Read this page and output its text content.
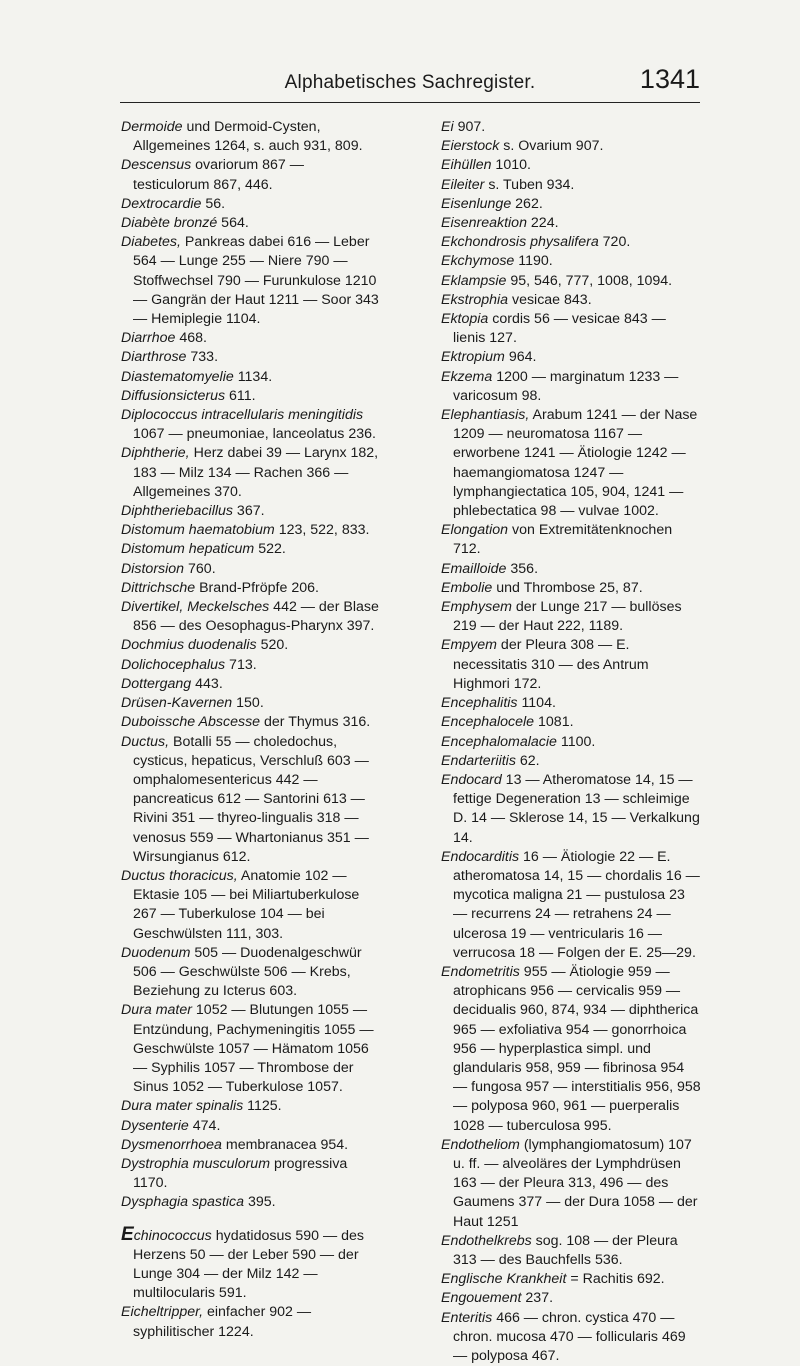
Alphabetisches Sachregister.	1341

Dermoide und Dermoid-Cysten, Allgemeines 1264, s. auch 931, 809.

Descensus ovariorum 867 — testiculorum 867, 446.

Dextrocardie 56.

Diabète bronzé 564.

Diabetes, Pankreas dabei 616 — Leber 564 — Lunge 255 — Niere 790 — Stoffwechsel 790 — Furunkulose 1210 — Gangrän der Haut 1211 — Soor 343 — Hemiplegie 1104.

Diarrhoe 468.

Diarthrose 733.

Diastematomyelie 1134.

Diffusionsicterus 611.

Diplococcus intracellularis meningitidis 1067 — pneumoniae, lanceolatus 236.

Diphtherie, Herz dabei 39 — Larynx 182, 183 — Milz 134 — Rachen 366 — Allgemeines 370.

Diphtheriebacillus 367.

Distomum haematobium 123, 522, 833.

Distomum hepaticum 522.

Distorsion 760.

Dittrichsche Brand-Pfröpfe 206.

Divertikel, Meckelsches 442 — der Blase 856 — des Oesophagus-Pharynx 397.

Dochmius duodenalis 520.

Dolichocephalus 713.

Dottergang 443.

Drüsen-Kavernen 150.

Duboissche Abscesse der Thymus 316.

Ductus, Botalli 55 — choledochus, cysticus, hepaticus, Verschluß 603 — omphalomesentericus 442 — pancreaticus 612 — Santorini 613 — Rivini 351 — thyreo-lingualis 318 — venosus 559 — Whartonianus 351 — Wirsungianus 612.

Ductus thoracicus, Anatomie 102 — Ektasie 105 — bei Miliartuberkulose 267 — Tuberkulose 104 — bei Geschwülsten 111, 303.

Duodenum 505 — Duodenalgeschwür 506 — Geschwülste 506 — Krebs, Beziehung zu Icterus 603.

Dura mater 1052 — Blutungen 1055 — Entzündung, Pachymeningitis 1055 — Geschwülste 1057 — Hämatom 1056 — Syphilis 1057 — Thrombose der Sinus 1052 — Tuberkulose 1057.

Dura mater spinalis 1125.

Dysenterie 474.

Dysmenorrhoea membranacea 954.

Dystrophia musculorum progressiva 1170.

Dysphagia spastica 395.

Echinococcus hydatidosus 590 — des Herzens 50 — der Leber 590 — der Lunge 304 — der Milz 142 — multilocularis 591.

Eicheltripper, einfacher 902 — syphilitischer 1224.

Ei 907.

Eierstock s. Ovarium 907.

Eihüllen 1010.

Eileiter s. Tuben 934.

Eisenlunge 262.

Eisenreaktion 224.

Ekchondrosis physalifera 720.

Ekchymose 1190.

Eklampsie 95, 546, 777, 1008, 1094.

Ekstrophia vesicae 843.

Ektopia cordis 56 — vesicae 843 — lienis 127.

Ektropium 964.

Ekzema 1200 — marginatum 1233 — varicosum 98.

Elephantiasis, Arabum 1241 — der Nase 1209 — neuromatosa 1167 — erworbene 1241 — Ätiologie 1242 — haemangiomatosa 1247 — lymphangiectatica 105, 904, 1241 — phlebectatica 98 — vulvae 1002.

Elongation von Extremitätenknochen 712.

Emailloide 356.

Embolie und Thrombose 25, 87.

Emphysem der Lunge 217 — bullöses 219 — der Haut 222, 1189.

Empyem der Pleura 308 — E. necessitatis 310 — des Antrum Highmori 172.

Encephalitis 1104.

Encephalocele 1081.

Encephalomalacie 1100.

Endarteriitis 62.

Endocard 13 — Atheromatose 14, 15 — fettige Degeneration 13 — schleimige D. 14 — Sklerose 14, 15 — Verkalkung 14.

Endocarditis 16 — Ätiologie 22 — E. atheromatosa 14, 15 — chordalis 16 — mycotica maligna 21 — pustulosa 23 — recurrens 24 — retrahens 24 — ulcerosa 19 — ventricularis 16 — verrucosa 18 — Folgen der E. 25—29.

Endometritis 955 — Ätiologie 959 — atrophicans 956 — cervicalis 959 — decidualis 960, 874, 934 — diphtherica 965 — exfoliativa 954 — gonorrhoica 956 — hyperplastica simpl. und glandularis 958, 959 — fibrinosa 954 — fungosa 957 — interstitialis 956, 958 — polyposa 960, 961 — puerperalis 1028 — tuberculosa 995.

Endotheliom (lymphangiomatosum) 107 u. ff. — alveoläres der Lymphdrüsen 163 — der Pleura 313, 496 — des Gaumens 377 — der Dura 1058 — der Haut 1251

Endothelkrebs sog. 108 — der Pleura 313 — des Bauchfells 536.

Englische Krankheit = Rachitis 692.

Engouement 237.

Enteritis 466 — chron. cystica 470 — chron. mucosa 470 — follicularis 469 — polyposa 467.
